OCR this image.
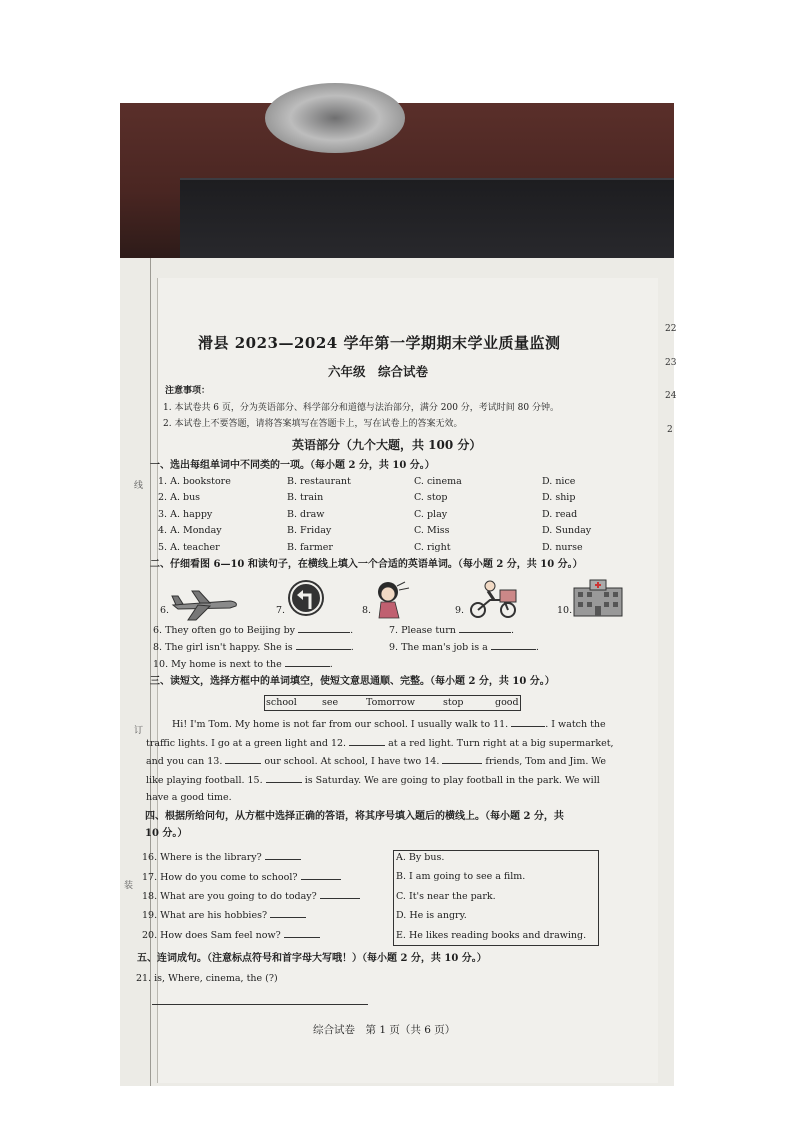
线
订
装
22
23
24
2
滑县 2023—2024 学年第一学期期末学业质量监测
六年级　综合试卷
注意事项：
1. 本试卷共 6 页，分为英语部分、科学部分和道德与法治部分，满分 200 分，考试时间 80 分钟。
2. 本试卷上不要答题，请将答案填写在答题卡上，写在试卷上的答案无效。
英语部分（九个大题，共 100 分）
一、选出每组单词中不同类的一项。（每小题 2 分，共 10 分。）
1. A. bookstore	B. restaurant	C. cinema	D. nice
2. A. bus	B. train	C. stop	D. ship
3. A. happy	B. draw	C. play	D. read
4. A. Monday	B. Friday	C. Miss	D. Sunday
5. A. teacher	B. farmer	C. right	D. nurse
二、仔细看图 6—10 和读句子，在横线上填入一个合适的英语单词。（每小题 2 分，共 10 分。）
6.	7.	8.	9.	10.
6. They often go to Beijing by	.	7. Please turn	.
8. The girl isn't happy. She is	.	9. The man's job is a	.
10. My home is next to the	.
三、读短文，选择方框中的单词填空，使短文意思通顺、完整。（每小题 2 分，共 10 分。）
school	see	Tomorrow	stop	good
Hi! I'm Tom. My home is not far from our school. I usually walk to 11.	. I watch the
traffic lights. I go at a green light and 12.	at a red light. Turn right at a big supermarket,
and you can 13.	our school. At school, I have two 14.	friends, Tom and Jim. We
like playing football. 15.	is Saturday. We are going to play football in the park. We will
have a good time.
四、根据所给问句，从方框中选择正确的答语，将其序号填入题后的横线上。（每小题 2 分，共
10 分。）
16. Where is the library?
17. How do you come to school?
18. What are you going to do today?
19. What are his hobbies?
20. How does Sam feel now?
A. By bus.
B. I am going to see a film.
C. It's near the park.
D. He is angry.
E. He likes reading books and drawing.
五、连词成句。（注意标点符号和首字母大写哦！）（每小题 2 分，共 10 分。）
21. is, Where, cinema, the (?)
综合试卷　第 1 页（共 6 页）
